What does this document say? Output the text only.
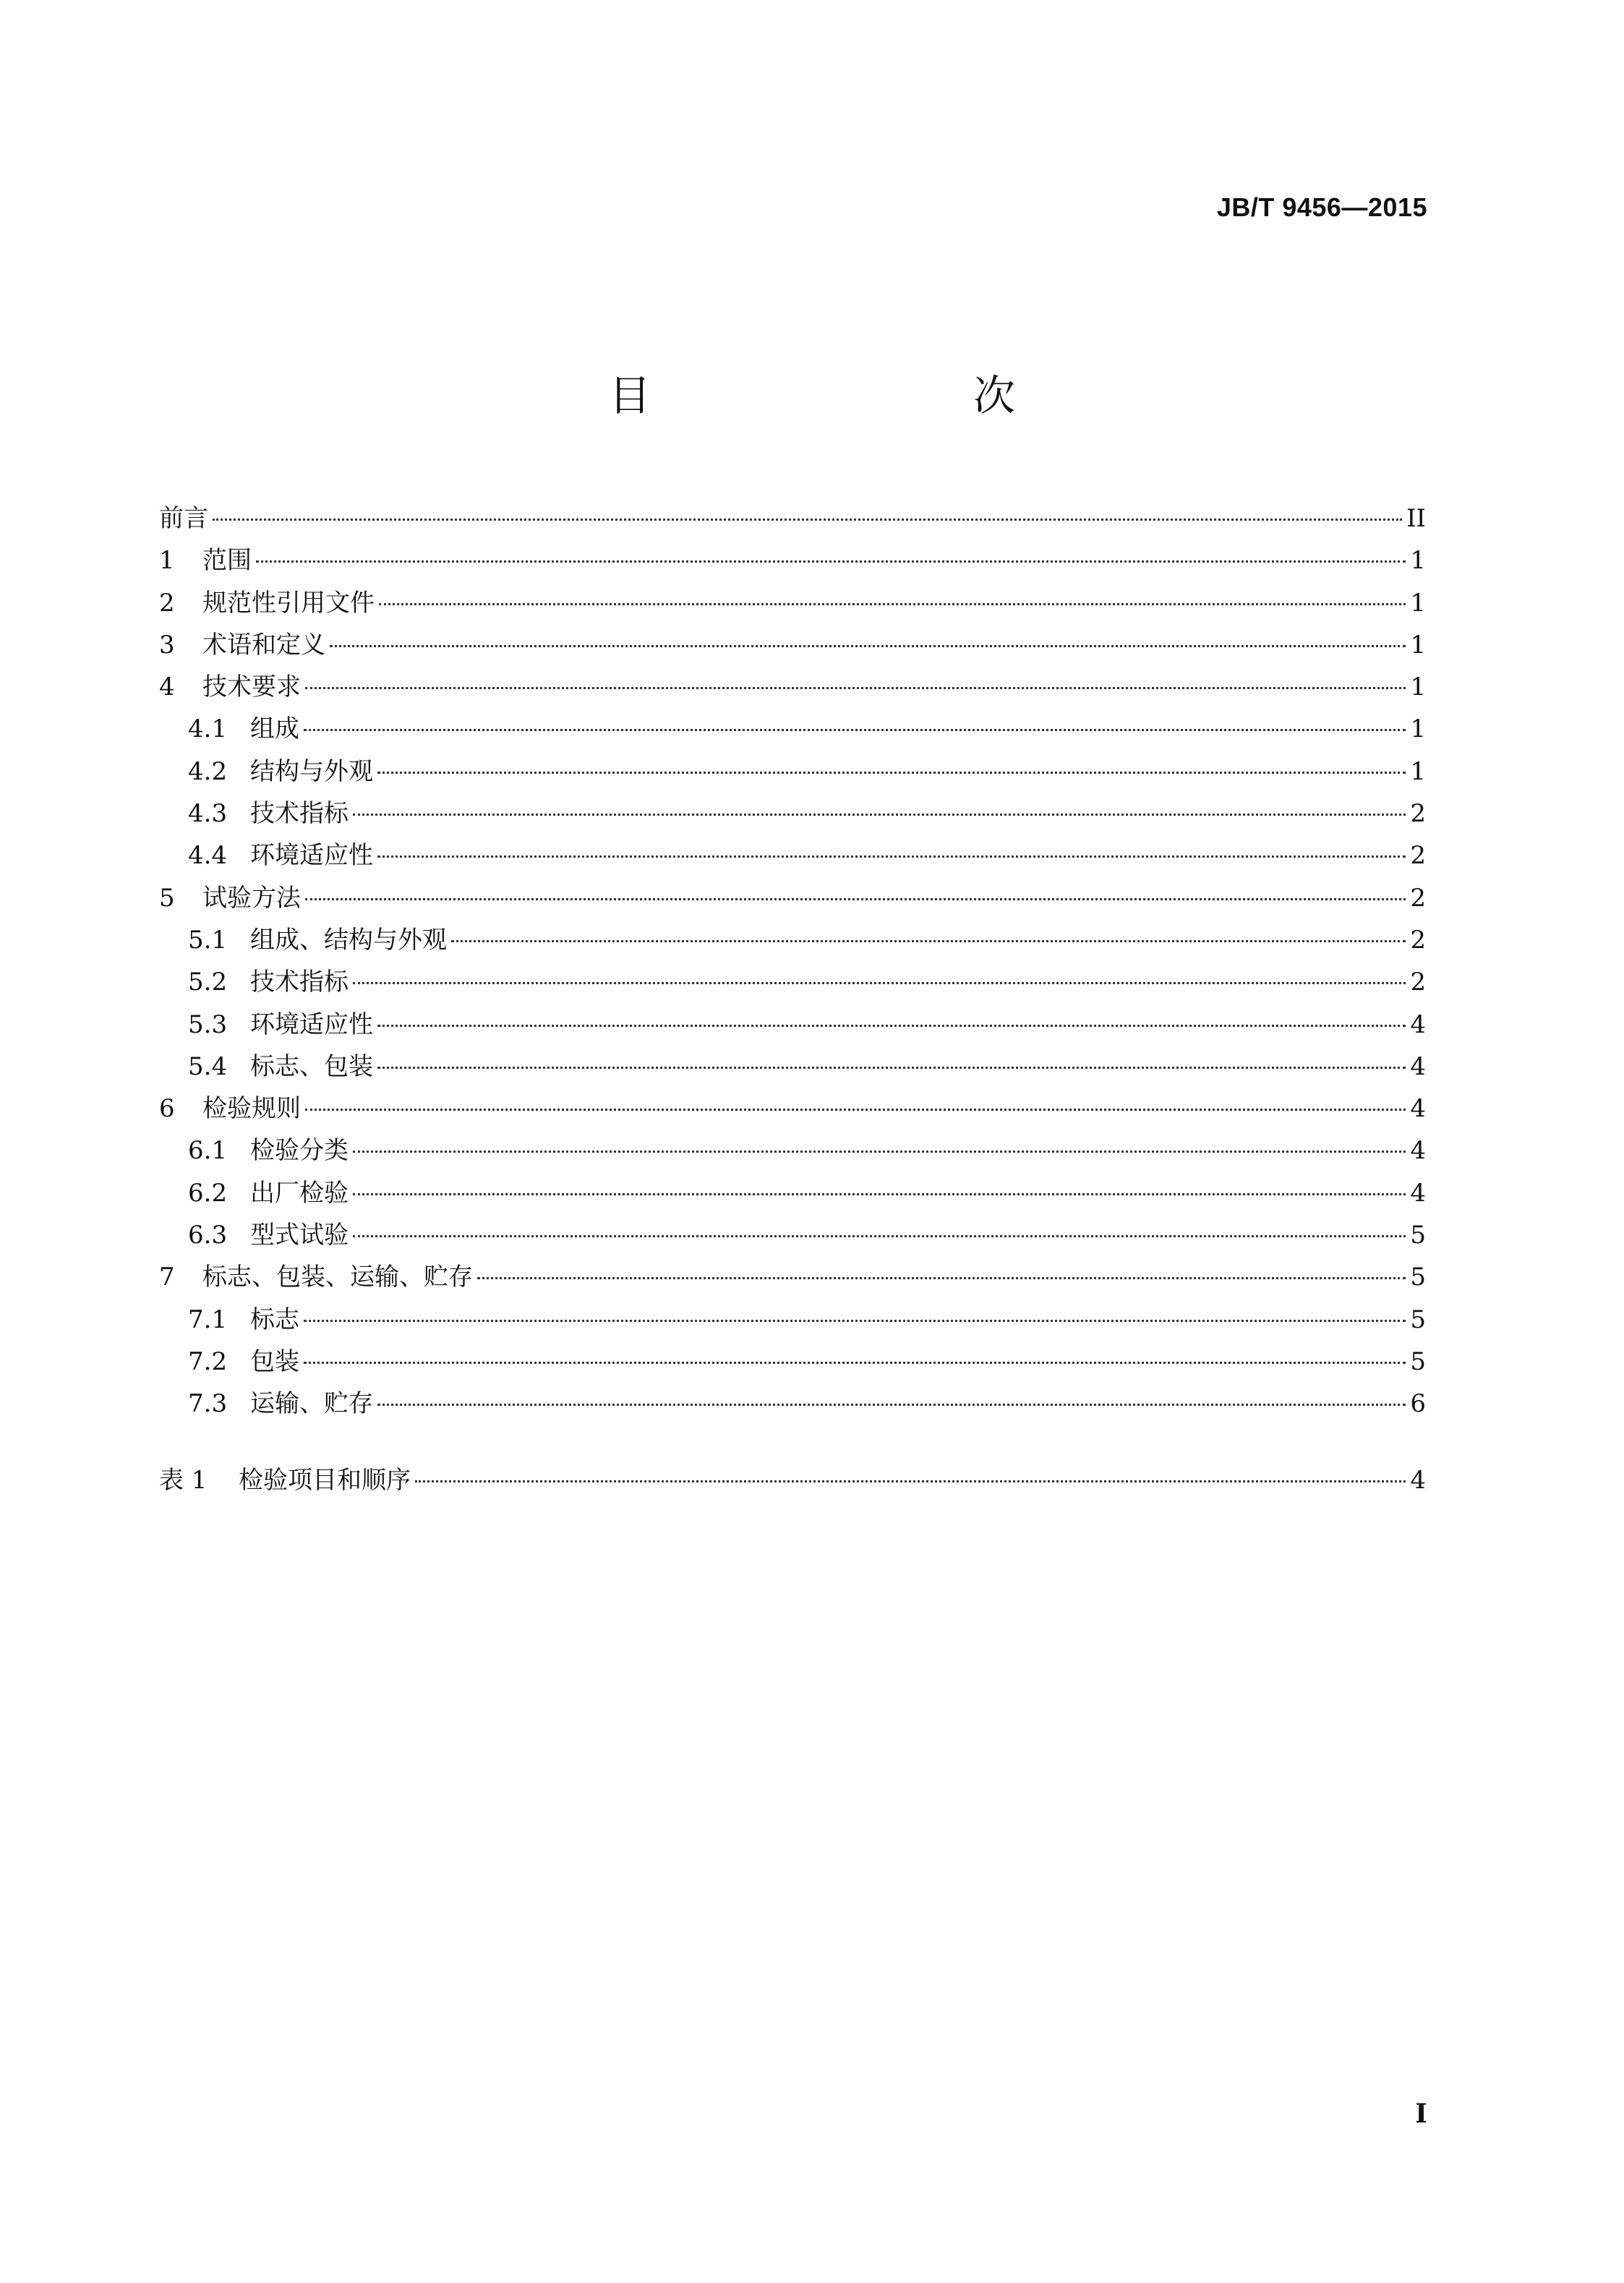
JB/T 9456—2015
目　　次
前言	II
1	范围	1
2	规范性引用文件	1
3	术语和定义	1
4	技术要求	1
4.1 组成	1
4.2 结构与外观	1
4.3 技术指标	2
4.4 环境适应性	2
5	试验方法	2
5.1 组成、结构与外观	2
5.2 技术指标	2
5.3 环境适应性	4
5.4 标志、包装	4
6	检验规则	4
6.1 检验分类	4
6.2 出厂检验	4
6.3 型式试验	5
7	标志、包装、运输、贮存	5
7.1 标志	5
7.2 包装	5
7.3 运输、贮存	6
表 1	检验项目和顺序	4
I
